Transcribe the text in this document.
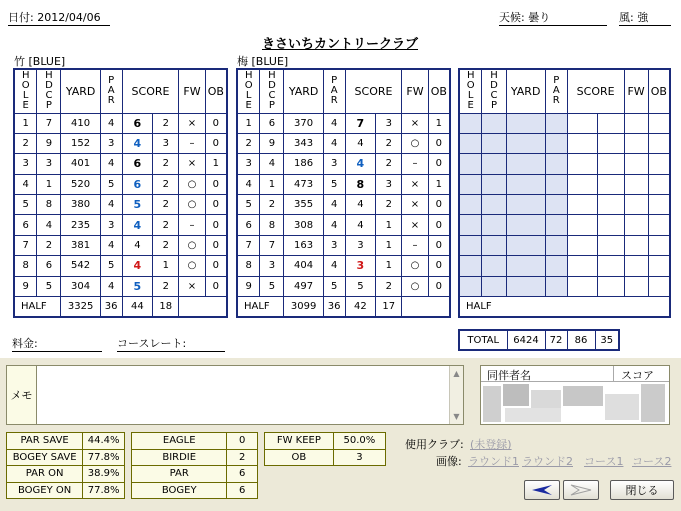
日付: 2012/04/06	天候: 曇り	風: 強
きさいちカントリークラブ
竹 [BLUE]	梅 [BLUE]
H
O
L
E	H
D
C
P	YARD	P
A
R	SCORE		FW	OB
1	7	410	4	6	2	×	0
2	9	152	3	4	3	–	0
3	3	401	4	6	2	×	1
4	1	520	5	6	2	○	0
5	8	380	4	5	2	○	0
6	4	235	3	4	2	–	0
7	2	381	4	4	2	○	0
8	6	542	5	4	1	○	0
9	5	304	4	5	2	×	0
HALF		3325	36	44	18		
H
O
L
E	H
D
C
P	YARD	P
A
R	SCORE		FW	OB
1	6	370	4	7	3	×	1
2	9	343	4	4	2	○	0
3	4	186	3	4	2	–	0
4	1	473	5	8	3	×	1
5	2	355	4	4	2	×	0
6	8	308	4	4	1	×	0
7	7	163	3	3	1	–	0
8	3	404	4	3	1	○	0
9	5	497	5	5	2	○	0
HALF		3099	36	42	17		
H
O
L
E	H
D
C
P	YARD	P
A
R	SCORE		FW	OB

HALF							
TOTAL	6424	72	86	35
料金:	コースレート:
メモ
▲
▼
同伴者名	スコア
PAR SAVE	44.4%
BOGEY SAVE	77.8%
PAR ON	38.9%
BOGEY ON	77.8%
EAGLE	0
BIRDIE	2
PAR	6
BOGEY	6
FW KEEP	50.0%
OB	3
使用クラブ: (未登録)
画像: ラウンド1 ラウンド2 コース1 コース2
閉じる
